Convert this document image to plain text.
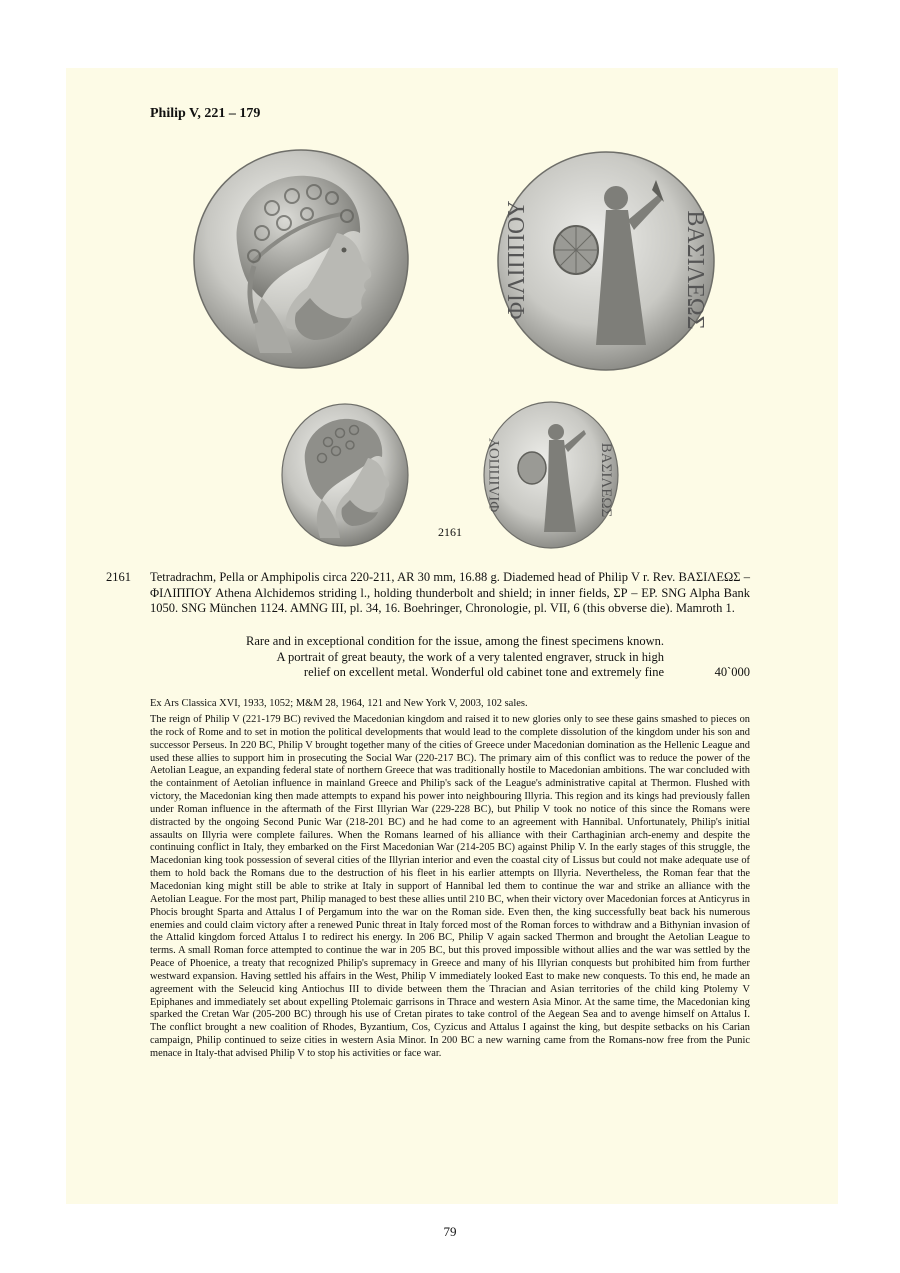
Philip V, 221 – 179
ΒΑΣΙΛΕΩΣ
ΦΙΛΙΠΠΟΥ
ΒΑΣΙΛΕΩΣ
ΦΙΛΙΠΠΟΥ
2161
2161 Tetradrachm, Pella or Amphipolis circa 220-211, AR 30 mm, 16.88 g. Diademed head of Philip V r. Rev. ΒΑΣΙΛΕΩΣ – ΦΙΛΙΠΠΟΥ Athena Alchidemos striding l., holding thunderbolt and shield; in inner fields, ΣΡ – ΕΡ. SNG Alpha Bank 1050. SNG München 1124. AMNG III, pl. 34, 16. Boehringer, Chronologie, pl. VII, 6 (this obverse die). Mamroth 1.

Rare and in exceptional condition for the issue, among the finest specimens known.
A portrait of great beauty, the work of a very talented engraver, struck in high
relief on excellent metal. Wonderful old cabinet tone and extremely fine	40`000

Ex Ars Classica XVI, 1933, 1052; M&M 28, 1964, 121 and New York V, 2003, 102 sales.

The reign of Philip V (221-179 BC) revived the Macedonian kingdom and raised it to new glories only to see these gains smashed to pieces on the rock of Rome and to set in motion the political developments that would lead to the complete dissolution of the kingdom under his son and successor Perseus. In 220 BC, Philip V brought together many of the cities of Greece under Macedonian domination as the Hellenic League and used these allies to support him in prosecuting the Social War (220-217 BC). The primary aim of this conflict was to reduce the power of the Aetolian League, an expanding federal state of northern Greece that was traditionally hostile to Macedonian ambitions. The war concluded with the containment of Aetolian influence in mainland Greece and Philip's sack of the League's administrative capital at Thermon. Flushed with victory, the Macedonian king then made attempts to expand his power into neighbouring Illyria. This region and its kings had previously fallen under Roman influence in the aftermath of the First Illyrian War (229-228 BC), but Philip V took no notice of this since the Romans were distracted by the ongoing Second Punic War (218-201 BC) and he had come to an agreement with Hannibal. Unfortunately, Philip's initial assaults on Illyria were complete failures. When the Romans learned of his alliance with their Carthaginian arch-enemy and despite the continuing conflict in Italy, they embarked on the First Macedonian War (214-205 BC) against Philip V. In the early stages of this struggle, the Macedonian king took possession of several cities of the Illyrian interior and even the coastal city of Lissus but could not make adequate use of them to hold back the Romans due to the destruction of his fleet in his earlier attempts on Illyria. Nevertheless, the Roman fear that the Macedonian king might still be able to strike at Italy in support of Hannibal led them to continue the war and strike an alliance with the Aetolian League. For the most part, Philip managed to best these allies until 210 BC, when their victory over Macedonian forces at Anticyrus in Phocis brought Sparta and Attalus I of Pergamum into the war on the Roman side. Even then, the king successfully beat back his numerous enemies and could claim victory after a renewed Punic threat in Italy forced most of the Roman forces to withdraw and a Bithynian invasion of the Attalid kingdom forced Attalus I to redirect his energy. In 206 BC, Philip V again sacked Thermon and brought the Aetolian League to terms. A small Roman force attempted to continue the war in 205 BC, but this proved impossible without allies and the war was settled by the Peace of Phoenice, a treaty that recognized Philip's supremacy in Greece and many of his Illyrian conquests but prohibited him from further westward expansion. Having settled his affairs in the West, Philip V immediately looked East to make new conquests. To this end, he made an agreement with the Seleucid king Antiochus III to divide between them the Thracian and Asian territories of the child king Ptolemy V Epiphanes and immediately set about expelling Ptolemaic garrisons in Thrace and western Asia Minor. At the same time, the Macedonian king sparked the Cretan War (205-200 BC) through his use of Cretan pirates to take control of the Aegean Sea and to avenge himself on Attalus I. The conflict brought a new coalition of Rhodes, Byzantium, Cos, Cyzicus and Attalus I against the king, but despite setbacks on his Carian campaign, Philip continued to seize cities in western Asia Minor. In 200 BC a new warning came from the Romans-now free from the Punic menace in Italy-that advised Philip V to stop his activities or face war.

79
